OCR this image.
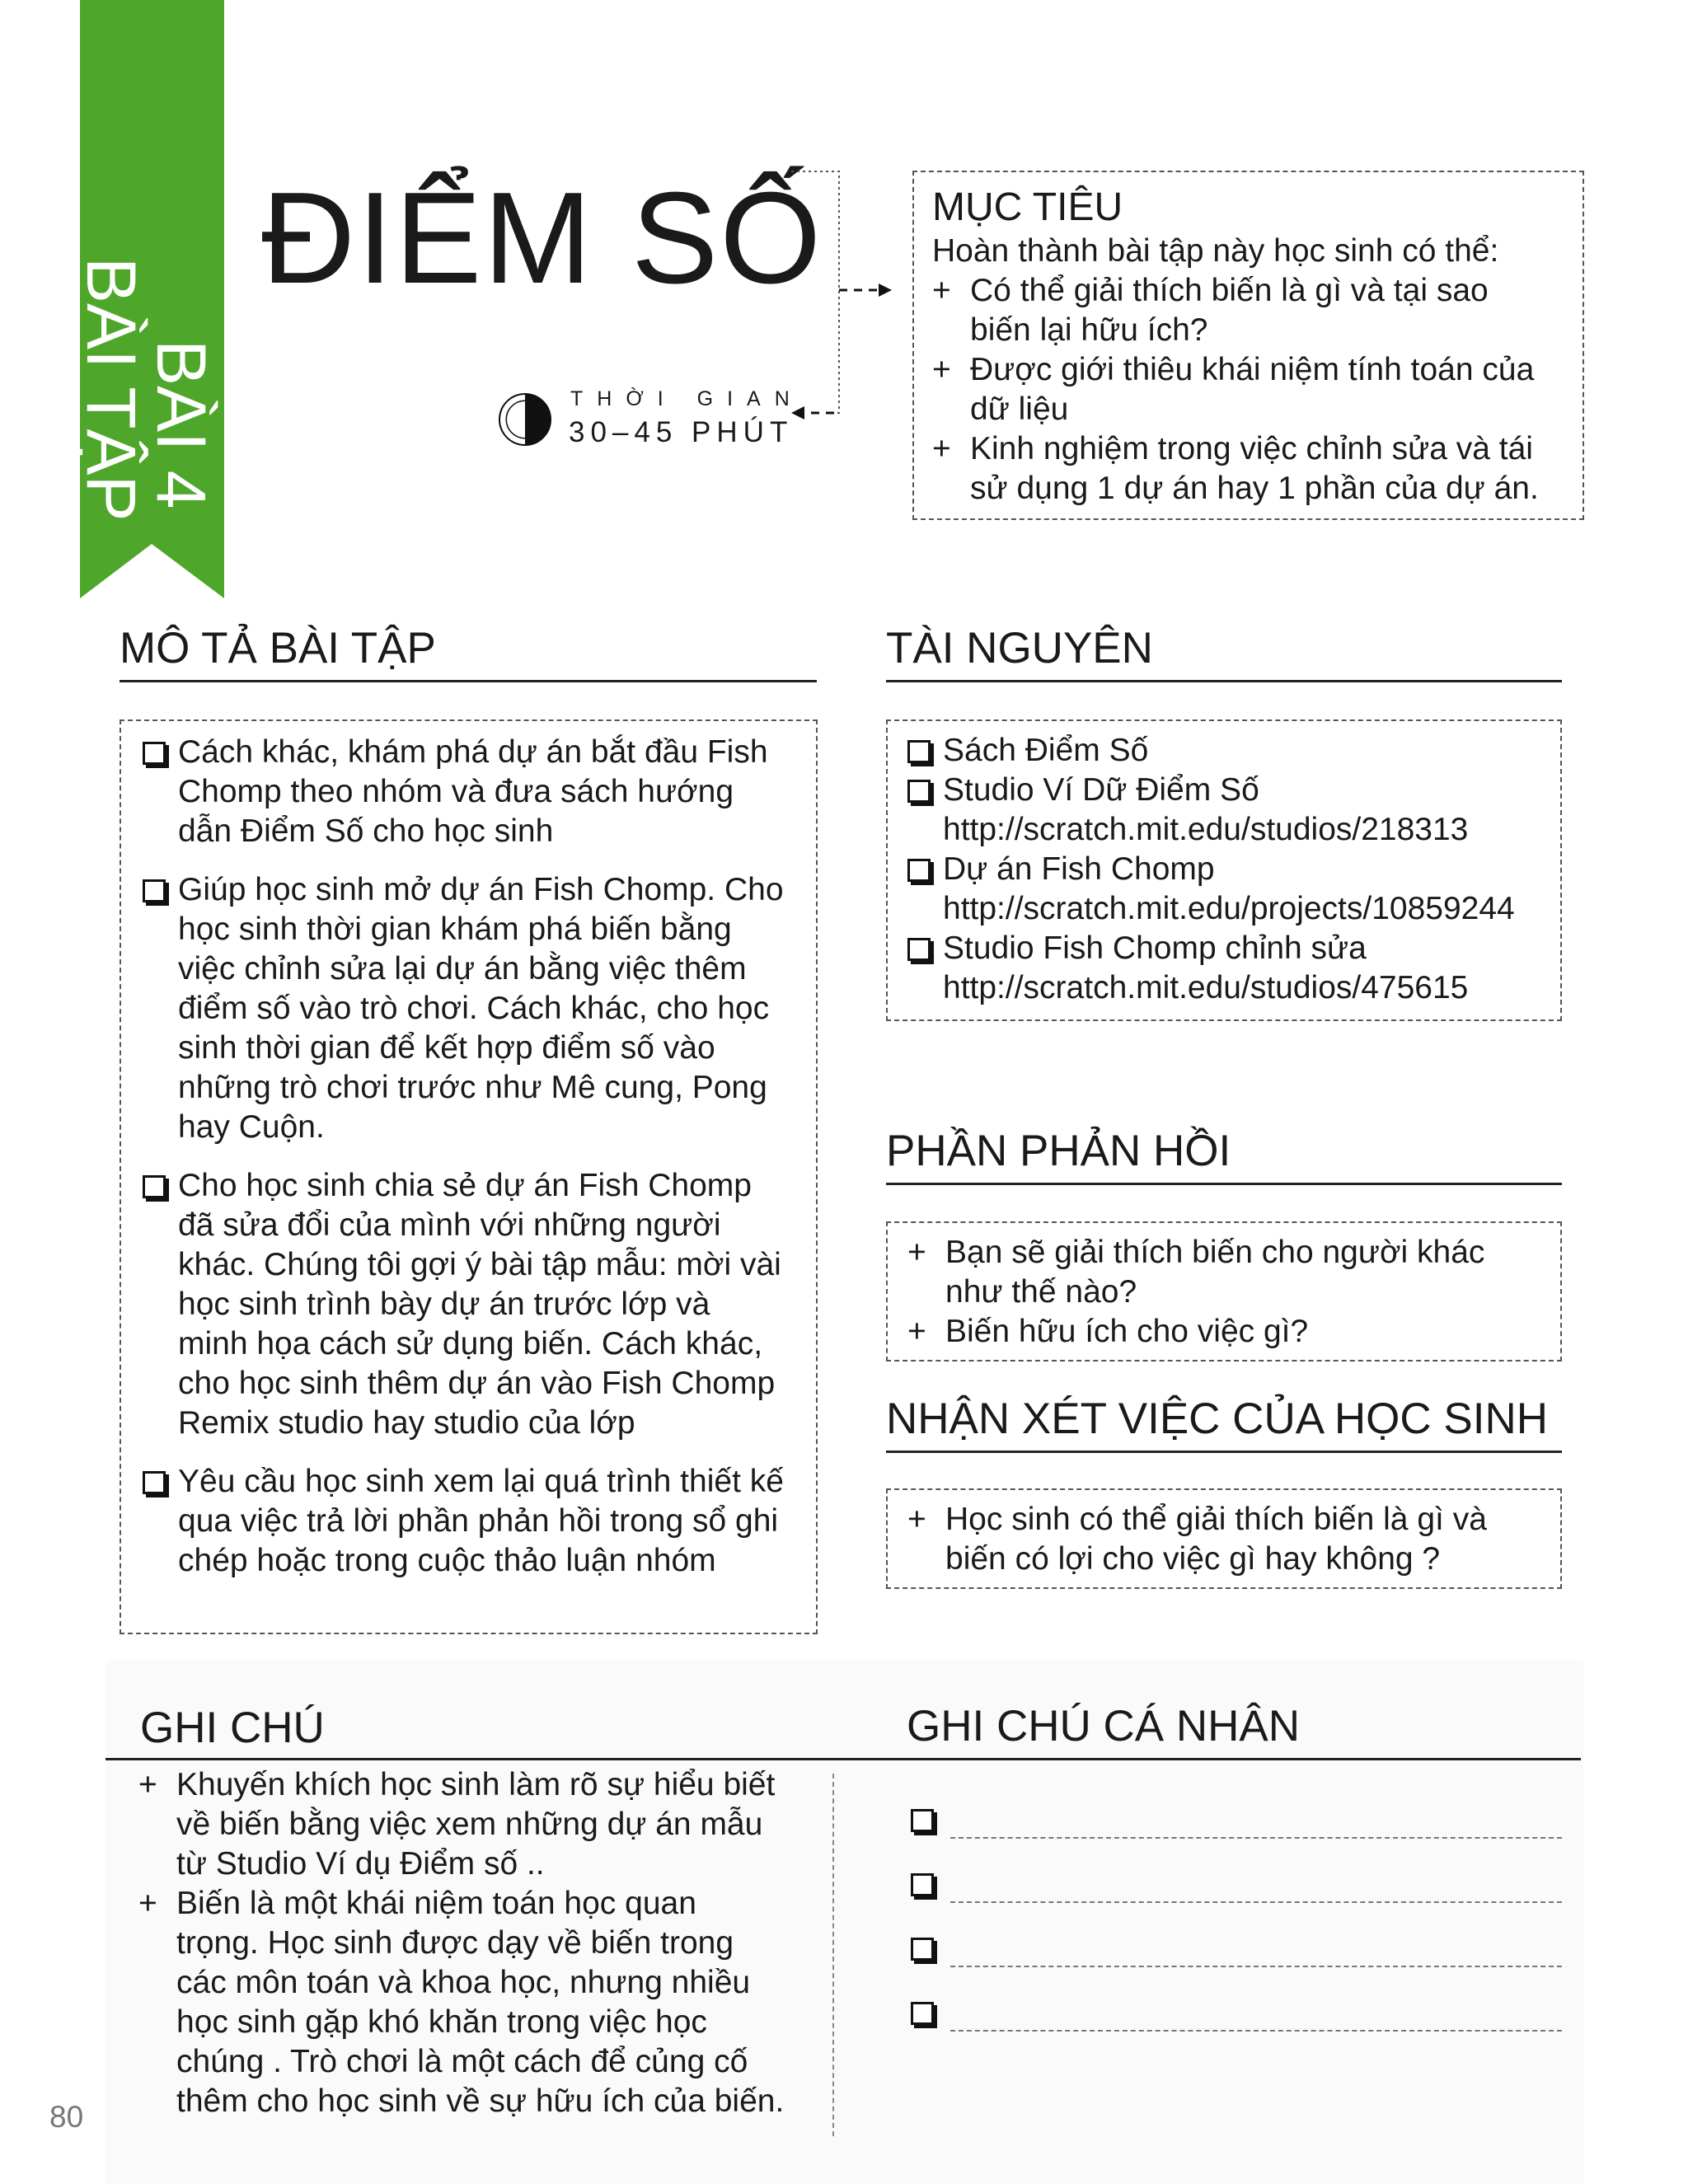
BÀI 4
BÀI TẬP
ĐIỂM SỐ
THỜI GIAN
30–45 PHÚT
MỤC TIÊU
Hoàn thành bài tập này học sinh có thể:
+ Có thể giải thích biến là gì và tại sao
biến lại hữu ích?
+ Được giới thiêu khái niệm tính toán của
dữ liệu
+ Kinh nghiệm trong việc chỉnh sửa và tái
sử dụng 1 dự án hay 1 phần của dự án.
MÔ TẢ BÀI TẬP
Cách khác, khám phá dự án bắt đầu Fish
Chomp theo nhóm và đưa sách hướng
dẫn Điểm Số cho học sinh
Giúp học sinh mở dự án Fish Chomp. Cho
học sinh thời gian khám phá biến bằng
việc chỉnh sửa lại dự án bằng việc thêm
điểm số vào trò chơi. Cách khác, cho học
sinh thời gian để kết hợp điểm số vào
những trò chơi trước như Mê cung, Pong
hay Cuộn.
Cho học sinh chia sẻ dự án Fish Chomp
đã sửa đổi của mình với những người
khác. Chúng tôi gợi ý bài tập mẫu: mời vài
học sinh trình bày dự án trước lớp và
minh họa cách sử dụng biến. Cách khác,
cho học sinh thêm dự án vào Fish Chomp
Remix studio hay studio của lớp
Yêu cầu học sinh xem lại quá trình thiết kế
qua việc trả lời phần phản hồi trong sổ ghi
chép hoặc trong cuộc thảo luận nhóm
TÀI NGUYÊN
Sách Điểm Số
Studio Ví Dữ Điểm Số
http://scratch.mit.edu/studios/218313
Dự án Fish Chomp
http://scratch.mit.edu/projects/10859244
Studio Fish Chomp chỉnh sửa
http://scratch.mit.edu/studios/475615
PHẦN PHẢN HỒI
+ Bạn sẽ giải thích biến cho người khác
như thế nào?
+ Biến hữu ích cho việc gì?
NHẬN XÉT VIỆC CỦA HỌC SINH
+ Học sinh có thể giải thích biến là gì và
biến có lợi cho việc gì hay không ?
GHI CHÚ	GHI CHÚ CÁ NHÂN
+ Khuyến khích học sinh làm rõ sự hiểu biết
về biến bằng việc xem những dự án mẫu
từ Studio Ví dụ Điểm số ..
+ Biến là một khái niệm toán học quan
trọng. Học sinh được dạy về biến trong
các môn toán và khoa học, nhưng nhiều
học sinh gặp khó khăn trong việc học
chúng . Trò chơi là một cách để củng cố
thêm cho học sinh về sự hữu ích của biến.
80
